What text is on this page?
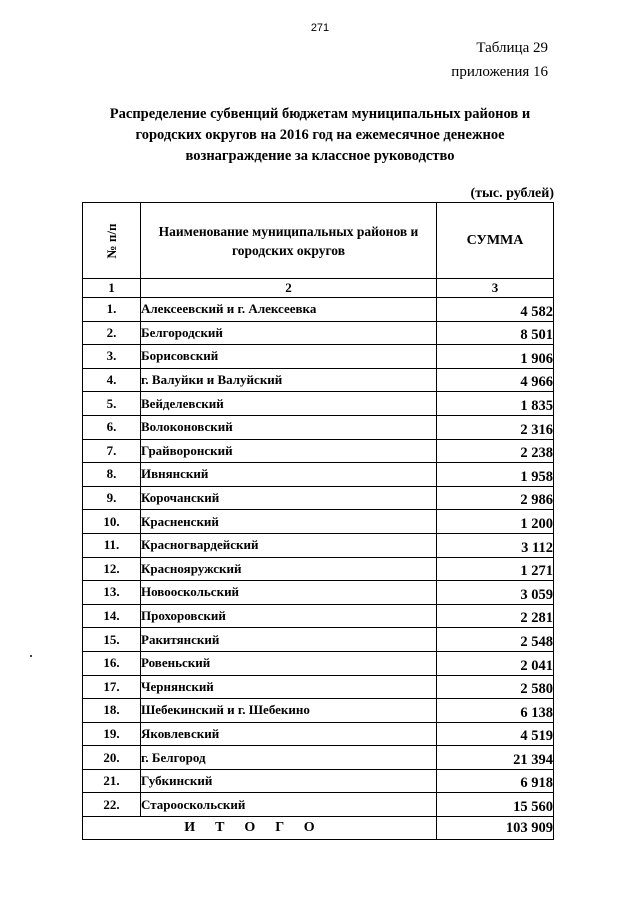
271
Таблица 29
приложения 16
Распределение субвенций бюджетам муниципальных районов и городских округов на 2016 год на ежемесячное денежное вознаграждение за классное руководство
(тыс. рублей)
№ п/п	Наименование муниципальных районов и городских округов	СУММА
1	2	3
1.	Алексеевский и г. Алексеевка	4 582
2.	Белгородский	8 501
3.	Борисовский	1 906
4.	г. Валуйки и Валуйский	4 966
5.	Вейделевский	1 835
6.	Волоконовский	2 316
7.	Грайворонский	2 238
8.	Ивнянский	1 958
9.	Корочанский	2 986
10.	Красненский	1 200
11.	Красногвардейский	3 112
12.	Краснояружский	1 271
13.	Новооскольский	3 059
14.	Прохоровский	2 281
15.	Ракитянский	2 548
16.	Ровеньский	2 041
17.	Чернянский	2 580
18.	Шебекинский и г. Шебекино	6 138
19.	Яковлевский	4 519
20.	г. Белгород	21 394
21.	Губкинский	6 918
22.	Старооскольский	15 560
ИТОГО		103 909
